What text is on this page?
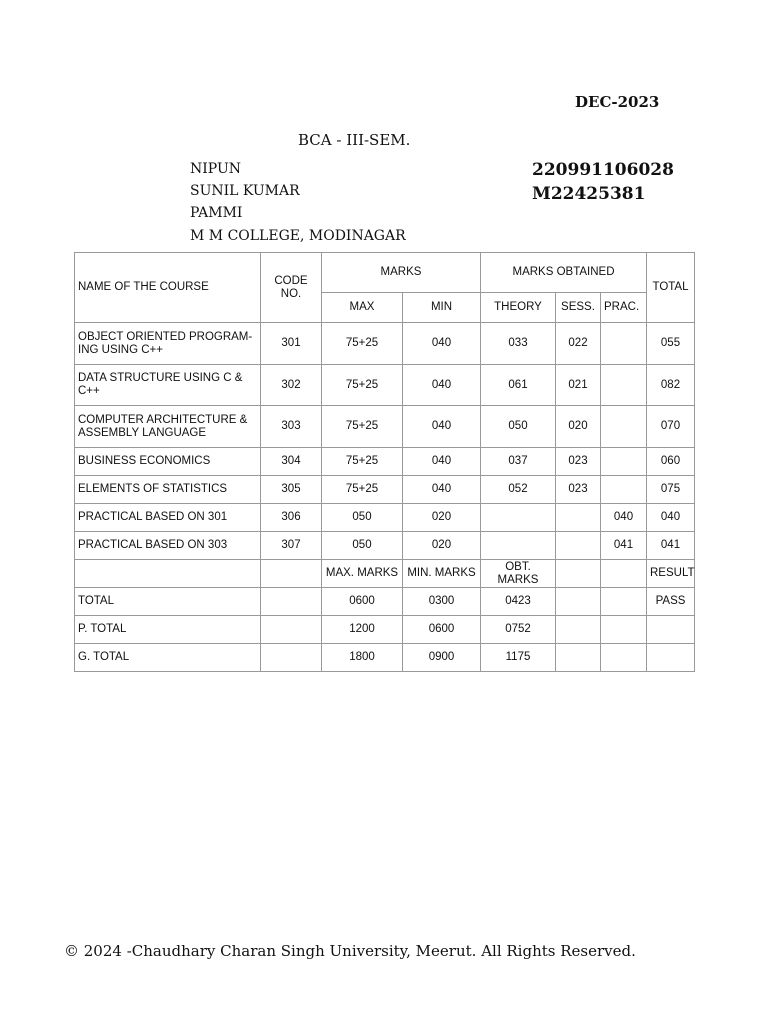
DEC-2023
BCA - III-SEM.
NIPUN
SUNIL KUMAR
PAMMI
M M COLLEGE, MODINAGAR
220991106028
M22425381
NAME OF THE COURSE	CODE NO.	MARKS		MARKS OBTAINED			TOTAL
		MAX	MIN	THEORY	SESS.	PRAC.	
OBJECT ORIENTED PROGRAM-ING USING C++	301	75+25	040	033	022		055
DATA STRUCTURE USING C & C++	302	75+25	040	061	021		082
COMPUTER ARCHITECTURE & ASSEMBLY LANGUAGE	303	75+25	040	050	020		070
BUSINESS ECONOMICS	304	75+25	040	037	023		060
ELEMENTS OF STATISTICS	305	75+25	040	052	023		075
PRACTICAL BASED ON 301	306	050	020			040	040
PRACTICAL BASED ON 303	307	050	020			041	041
		MAX. MARKS	MIN. MARKS	OBT. MARKS			RESULT
TOTAL		0600	0300	0423			PASS
P. TOTAL		1200	0600	0752			
G. TOTAL		1800	0900	1175			
© 2024 -Chaudhary Charan Singh University, Meerut. All Rights Reserved.
